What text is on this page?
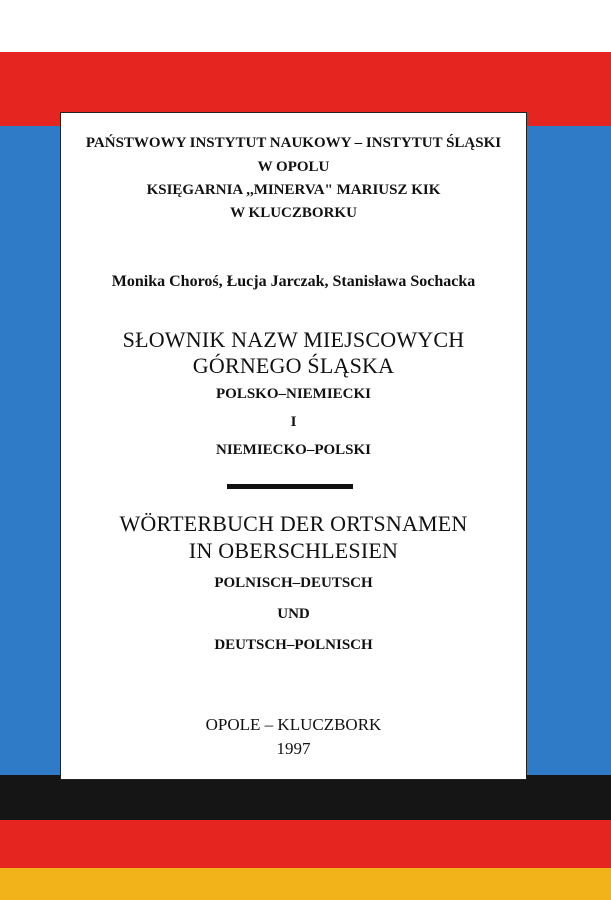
PAŃSTWOWY INSTYTUT NAUKOWY – INSTYTUT ŚLĄSKI
W OPOLU
KSIĘGARNIA ,,MINERVA" MARIUSZ KIK
W KLUCZBORKU
Monika Choroś, Łucja Jarczak, Stanisława Sochacka
SŁOWNIK NAZW MIEJSCOWYCH
GÓRNEGO ŚLĄSKA
POLSKO–NIEMIECKI
I
NIEMIECKO–POLSKI
WÖRTERBUCH DER ORTSNAMEN
IN OBERSCHLESIEN
POLNISCH–DEUTSCH
UND
DEUTSCH–POLNISCH
OPOLE – KLUCZBORK
1997
